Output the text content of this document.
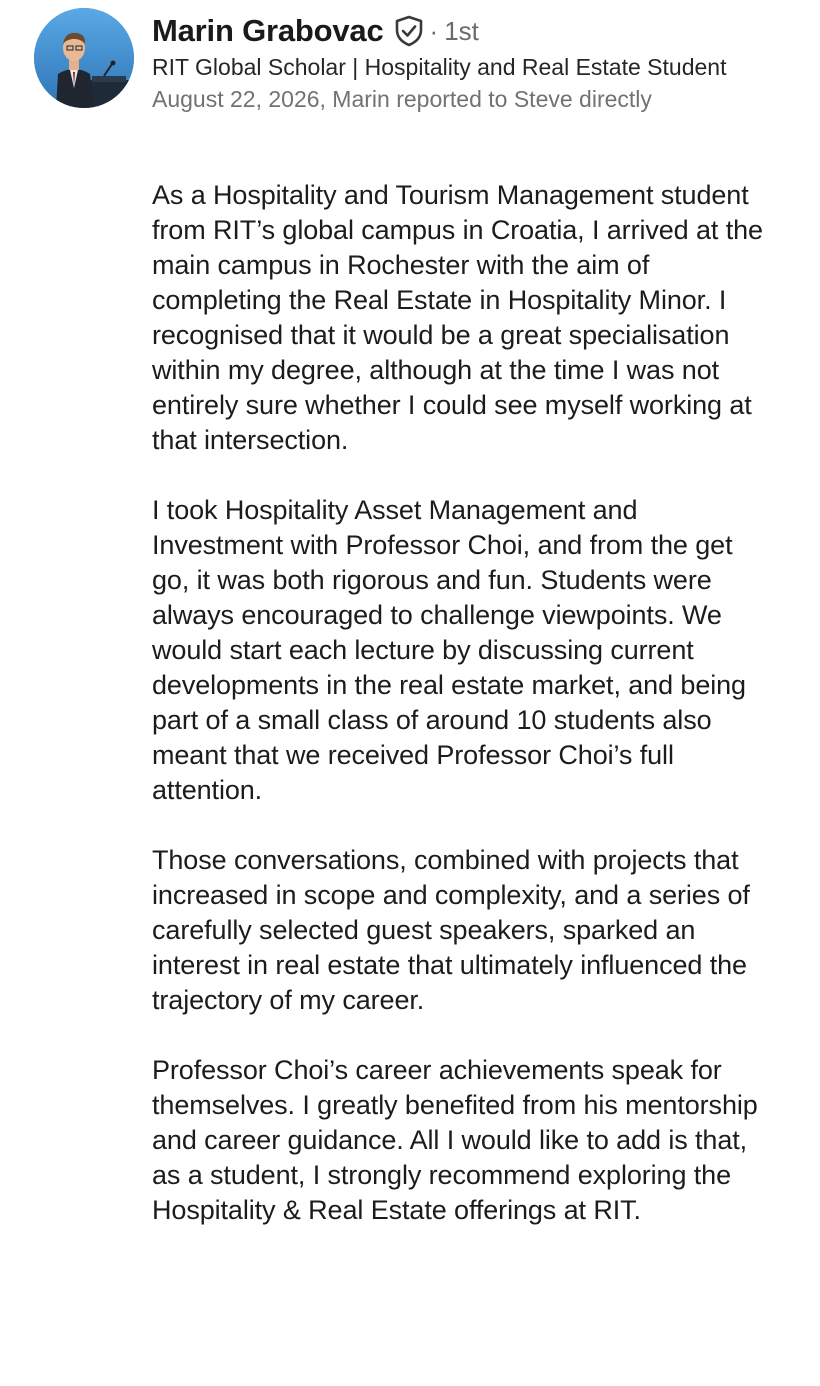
Marin Grabovac · 1st
RIT Global Scholar | Hospitality and Real Estate Student
August 22, 2026, Marin reported to Steve directly

As a Hospitality and Tourism Management student from RIT’s global campus in Croatia, I arrived at the main campus in Rochester with the aim of completing the Real Estate in Hospitality Minor. I recognised that it would be a great specialisation within my degree, although at the time I was not entirely sure whether I could see myself working at that intersection.

I took Hospitality Asset Management and Investment with Professor Choi, and from the get go, it was both rigorous and fun. Students were always encouraged to challenge viewpoints. We would start each lecture by discussing current developments in the real estate market, and being part of a small class of around 10 students also meant that we received Professor Choi’s full attention.

Those conversations, combined with projects that increased in scope and complexity, and a series of carefully selected guest speakers, sparked an interest in real estate that ultimately influenced the trajectory of my career.

Professor Choi’s career achievements speak for themselves. I greatly benefited from his mentorship and career guidance. All I would like to add is that, as a student, I strongly recommend exploring the Hospitality & Real Estate offerings at RIT.
